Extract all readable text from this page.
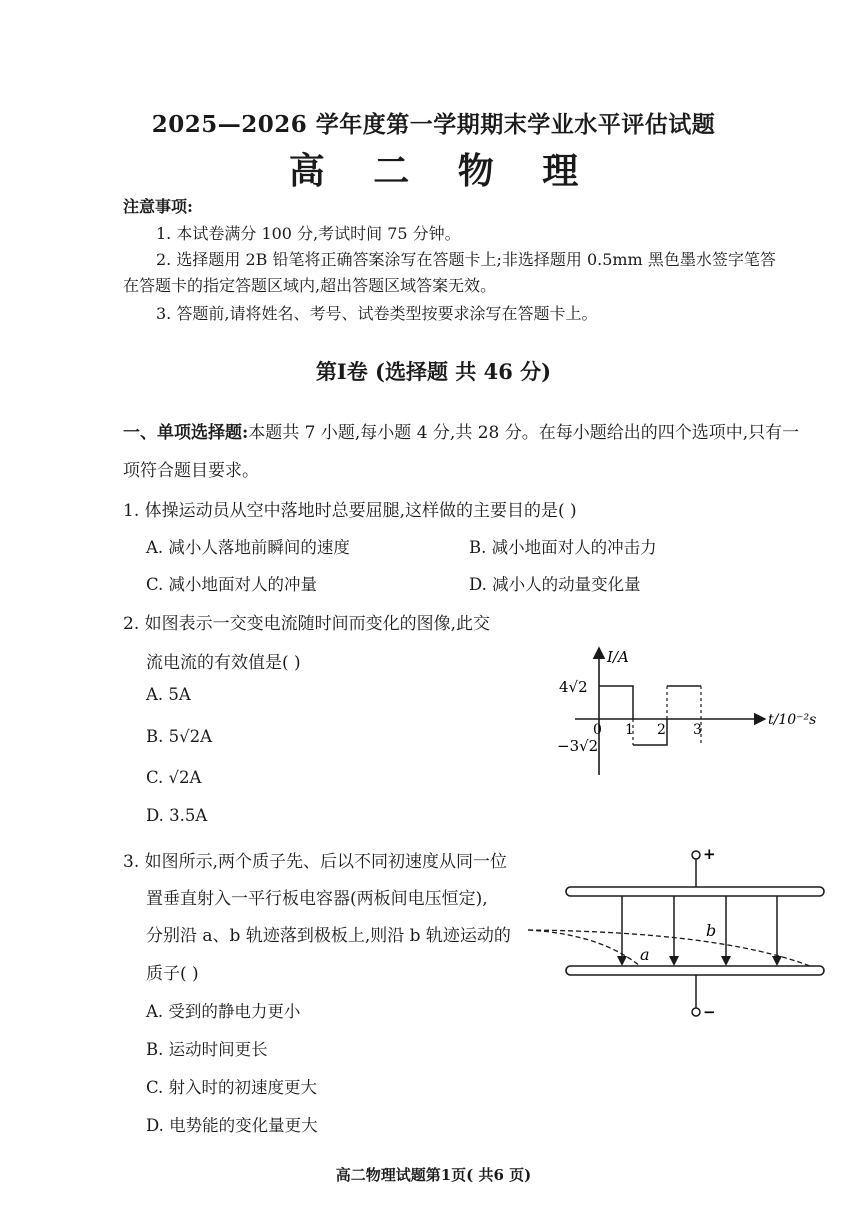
2025—2026 学年度第一学期期末学业水平评估试题
高 二 物 理
注意事项:
1. 本试卷满分 100 分,考试时间 75 分钟。
2. 选择题用 2B 铅笔将正确答案涂写在答题卡上;非选择题用 0.5mm 黑色墨水签字笔答
在答题卡的指定答题区域内,超出答题区域答案无效。
3. 答题前,请将姓名、考号、试卷类型按要求涂写在答题卡上。
第Ⅰ卷 (选择题 共 46 分)
一、单项选择题:本题共 7 小题,每小题 4 分,共 28 分。在每小题给出的四个选项中,只有一
项符合题目要求。
1. 体操运动员从空中落地时总要屈腿,这样做的主要目的是( )
A. 减小人落地前瞬间的速度	B. 减小地面对人的冲击力
C. 减小地面对人的冲量	D. 减小人的动量变化量
2. 如图表示一交变电流随时间而变化的图像,此交
流电流的有效值是( )
A. 5A
B. 5√2A
C. √2A
D. 3.5A
I/A
t/10⁻²s
4√2
−3√2
0 1 2 3
3. 如图所示,两个质子先、后以不同初速度从同一位
置垂直射入一平行板电容器(两板间电压恒定),
分别沿 a、b 轨迹落到极板上,则沿 b 轨迹运动的
质子( )
A. 受到的静电力更小
B. 运动时间更长
C. 射入时的初速度更大
D. 电势能的变化量更大
+
−
a
b
高二物理试题第1页( 共6 页)
